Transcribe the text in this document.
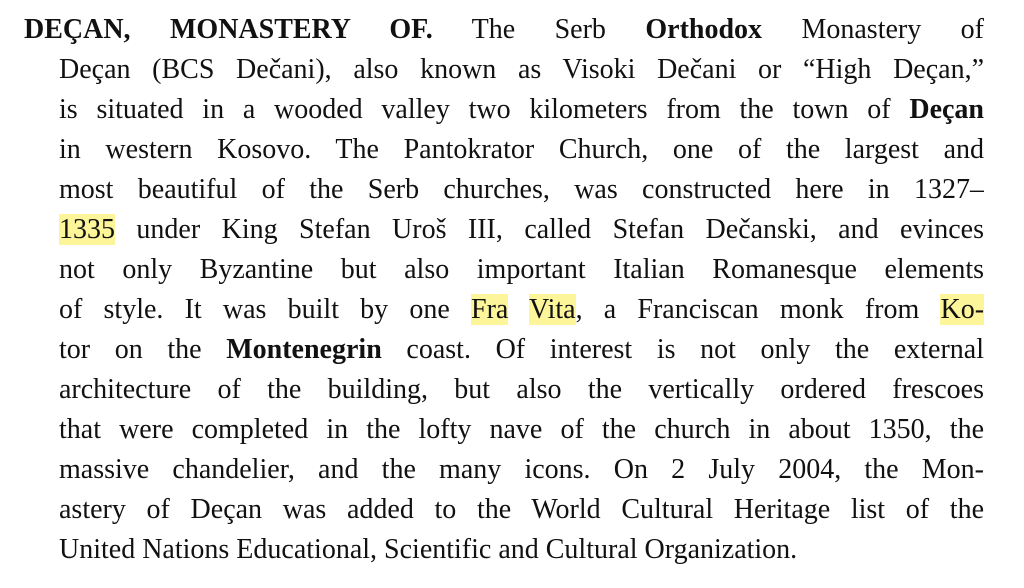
DEÇAN, MONASTERY OF. The Serb Orthodox Monastery of
Deçan (BCS Dečani), also known as Visoki Dečani or “High Deçan,”
is situated in a wooded valley two kilometers from the town of Deçan
in western Kosovo. The Pantokrator Church, one of the largest and
most beautiful of the Serb churches, was constructed here in 1327–
1335 under King Stefan Uroš III, called Stefan Dečanski, and evinces
not only Byzantine but also important Italian Romanesque elements
of style. It was built by one Fra Vita, a Franciscan monk from Ko-
tor on the Montenegrin coast. Of interest is not only the external
architecture of the building, but also the vertically ordered frescoes
that were completed in the lofty nave of the church in about 1350, the
massive chandelier, and the many icons. On 2 July 2004, the Mon-
astery of Deçan was added to the World Cultural Heritage list of the
United Nations Educational, Scientific and Cultural Organization.
